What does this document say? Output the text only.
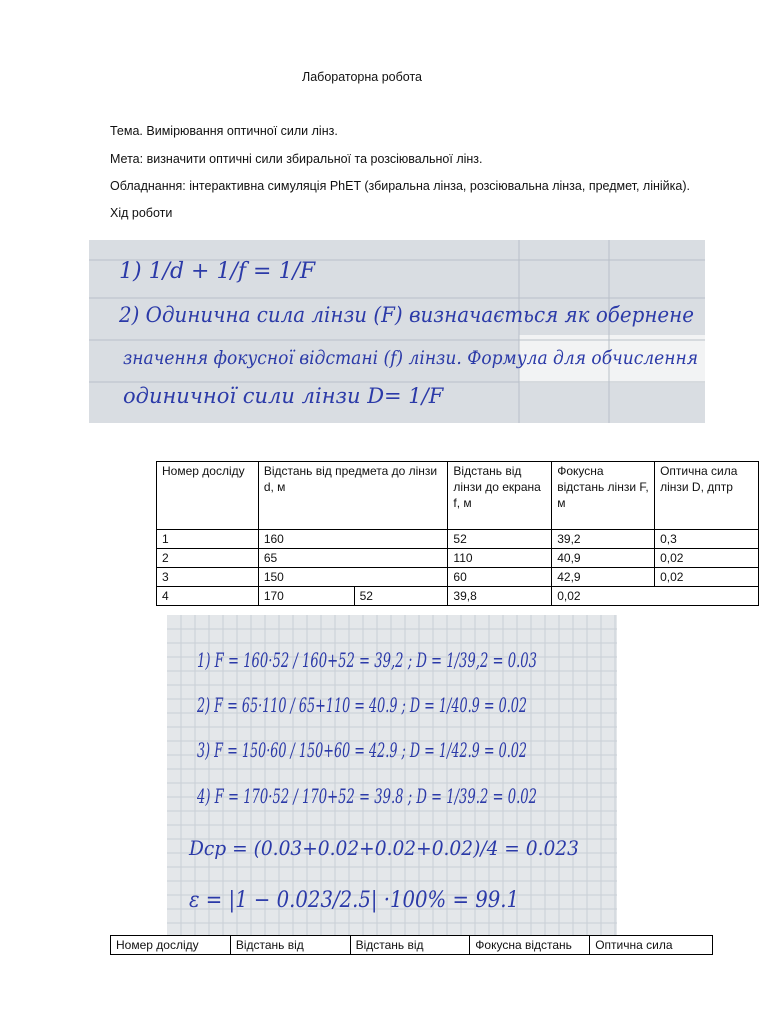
Лабораторна робота
Тема. Вимірювання оптичної сили лінз.
Мета: визначити оптичні сили збиральної та розсіювальної лінз.
Обладнання: інтерактивна симуляція PhET (збиральна лінза, розсіювальна лінза, предмет, лінійка).
Хід роботи
1) 1/d + 1/f = 1/F
2) Одинична сила лінзи (F) визначається як обернене
значення фокусної відстані (f) лінзи. Формула для обчислення
одиничної сили лінзи D= 1/F
Номер досліду	Відстань від предмета до лінзи d, м		Відстань від лінзи до екрана f, м	Фокусна відстань лінзи F, м	Оптична сила лінзи D, дптр
1	160		52	39,2	0,3
2	65		110	40,9	0,02
3	150		60	42,9	0,02
4	170	52	39,8	0,02	
1) F = 160·52 / 160+52 = 39,2 ; D = 1/39,2 = 0.03
2) F = 65·110 / 65+110 = 40.9 ; D = 1/40.9 = 0.02
3) F = 150·60 / 150+60 = 42.9 ; D = 1/42.9 = 0.02
4) F = 170·52 / 170+52 = 39.8 ; D = 1/39.2 = 0.02
Dср = (0.03+0.02+0.02+0.02)/4 = 0.023
ε = |1 − 0.023/2.5| ·100% = 99.1
Номер досліду	Відстань від	Відстань від	Фокусна відстань	Оптична сила
